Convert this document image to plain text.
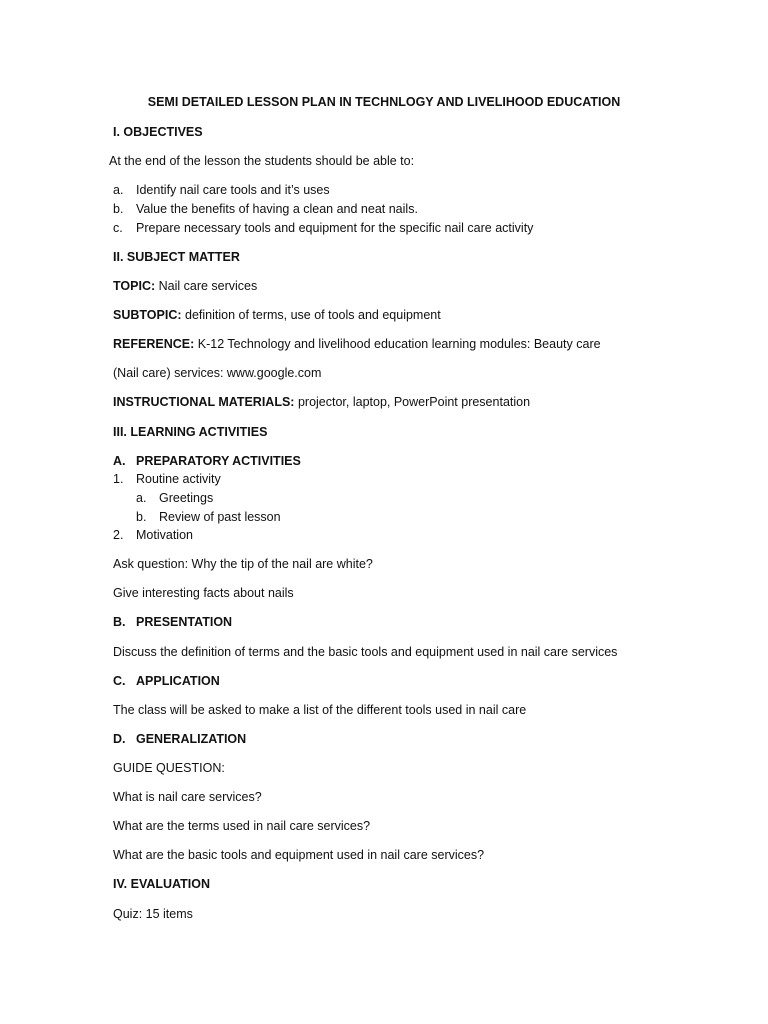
SEMI DETAILED LESSON PLAN IN TECHNLOGY AND LIVELIHOOD EDUCATION
I. OBJECTIVES
At the end of the lesson the students should be able to:
a. Identify nail care tools and it’s uses
b. Value the benefits of having a clean and neat nails.
c. Prepare necessary tools and equipment for the specific nail care activity
II. SUBJECT MATTER
TOPIC: Nail care services
SUBTOPIC: definition of terms, use of tools and equipment
REFERENCE: K-12 Technology and livelihood education learning modules: Beauty care
(Nail care) services: www.google.com
INSTRUCTIONAL MATERIALS: projector, laptop, PowerPoint presentation
III. LEARNING ACTIVITIES
A. PREPARATORY ACTIVITIES
1. Routine activity
a. Greetings
b. Review of past lesson
2. Motivation
Ask question: Why the tip of the nail are white?
Give interesting facts about nails
B. PRESENTATION
Discuss the definition of terms and the basic tools and equipment used in nail care services
C. APPLICATION
The class will be asked to make a list of the different tools used in nail care
D. GENERALIZATION
GUIDE QUESTION:
What is nail care services?
What are the terms used in nail care services?
What are the basic tools and equipment used in nail care services?
IV. EVALUATION
Quiz: 15 items
